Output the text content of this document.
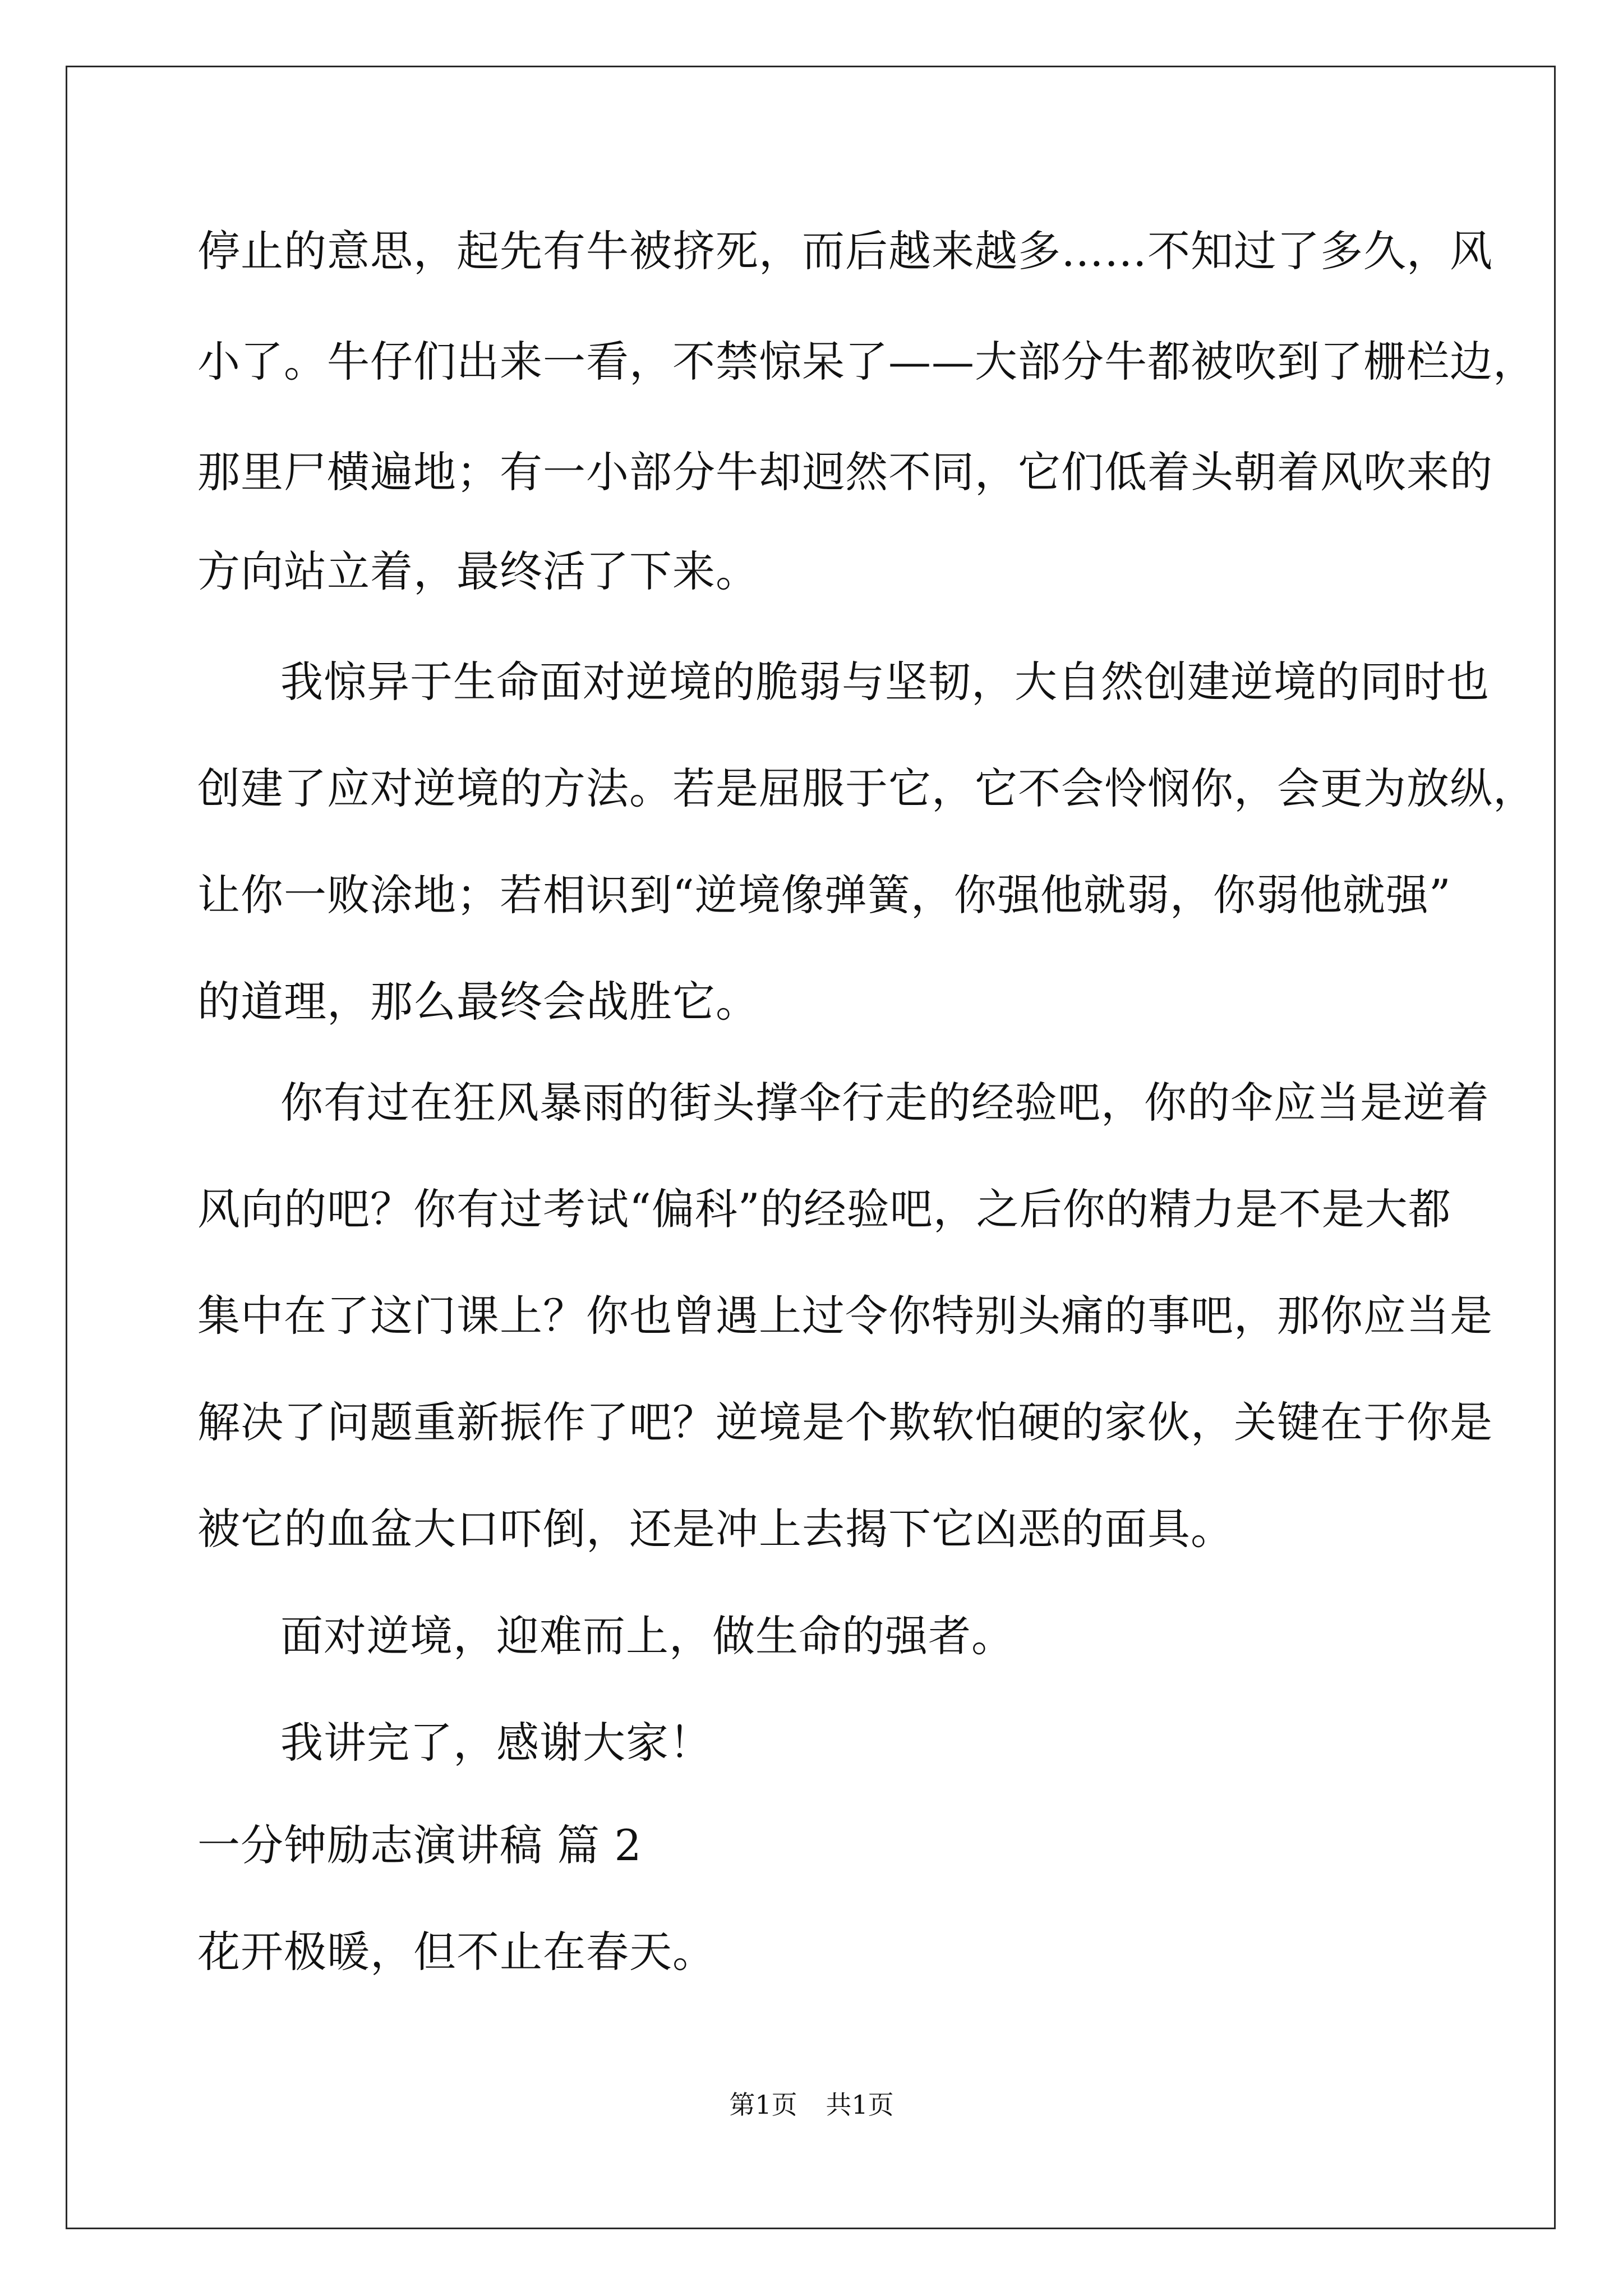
停止的意思，起先有牛被挤死，而后越来越多……不知过了多久，风
小了。牛仔们出来一看，不禁惊呆了——大部分牛都被吹到了栅栏边，
那里尸横遍地；有一小部分牛却迥然不同，它们低着头朝着风吹来的
方向站立着，最终活了下来。
我惊异于生命面对逆境的脆弱与坚韧，大自然创建逆境的同时也
创建了应对逆境的方法。若是屈服于它，它不会怜悯你，会更为放纵，
让你一败涂地；若相识到“逆境像弹簧，你强他就弱，你弱他就强”
的道理，那么最终会战胜它。
你有过在狂风暴雨的街头撑伞行走的经验吧，你的伞应当是逆着
风向的吧？你有过考试“偏科”的经验吧，之后你的精力是不是大都
集中在了这门课上？你也曾遇上过令你特别头痛的事吧，那你应当是
解决了问题重新振作了吧？逆境是个欺软怕硬的家伙，关键在于你是
被它的血盆大口吓倒，还是冲上去揭下它凶恶的面具。
面对逆境，迎难而上，做生命的强者。
我讲完了，感谢大家！
一分钟励志演讲稿 篇 2
花开极暖，但不止在春天。
第1页 共1页
